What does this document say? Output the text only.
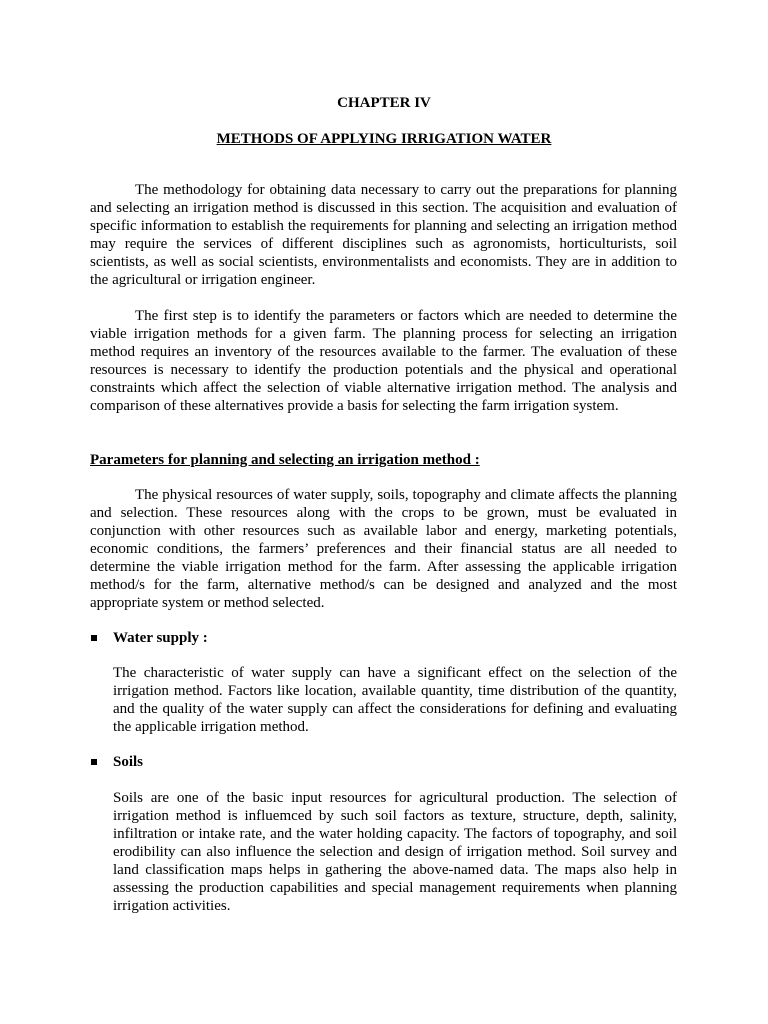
CHAPTER IV

METHODS OF APPLYING IRRIGATION WATER

The methodology for obtaining data necessary to carry out the preparations for planning and selecting an irrigation method is discussed in this section. The acquisition and evaluation of specific information to establish the requirements for planning and selecting an irrigation method may require the services of different disciplines such as agronomists, horticulturists, soil scientists, as well as social scientists, environmentalists and economists. They are in addition to the agricultural or irrigation engineer.

The first step is to identify the parameters or factors which are needed to determine the viable irrigation methods for a given farm. The planning process for selecting an irrigation method requires an inventory of the resources available to the farmer. The evaluation of these resources is necessary to identify the production potentials and the physical and operational constraints which affect the selection of viable alternative irrigation method. The analysis and comparison of these alternatives provide a basis for selecting the farm irrigation system.

Parameters for planning and selecting an irrigation method :

The physical resources of water supply, soils, topography and climate affects the planning and selection. These resources along with the crops to be grown, must be evaluated in conjunction with other resources such as available labor and energy, marketing potentials, economic conditions, the farmers’ preferences and their financial status are all needed to determine the viable irrigation method for the farm. After assessing the applicable irrigation method/s for the farm, alternative method/s can be designed and analyzed and the most appropriate system or method selected.

Water supply :

The characteristic of water supply can have a significant effect on the selection of the irrigation method. Factors like location, available quantity, time distribution of the quantity, and the quality of the water supply can affect the considerations for defining and evaluating the applicable irrigation method.

Soils

Soils are one of the basic input resources for agricultural production. The selection of irrigation method is influemced by such soil factors as texture, structure, depth, salinity, infiltration or intake rate, and the water holding capacity. The factors of topography, and soil erodibility can also influence the selection and design of irrigation method. Soil survey and land classification maps helps in gathering the above-named data. The maps also help in assessing the production capabilities and special management requirements when planning irrigation activities.
